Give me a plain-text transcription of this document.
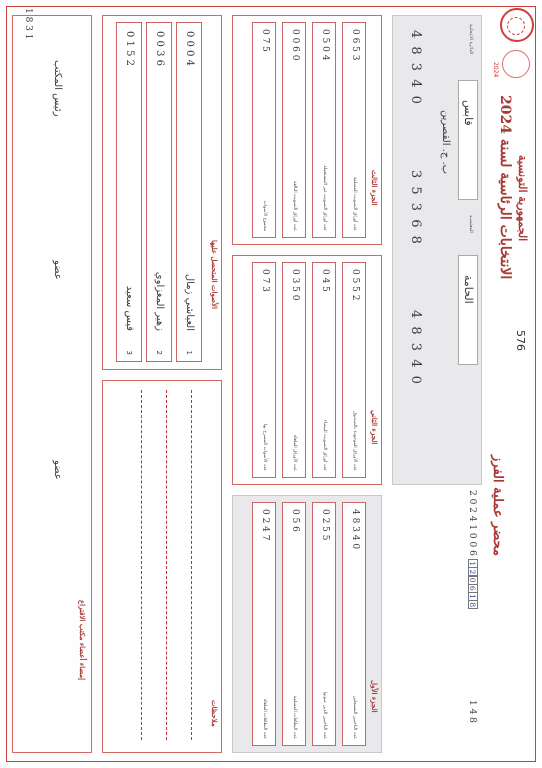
الجمهورية التونسية
الانتخابات الرئاسية لسنة 2024
576
محضر عملية الفرز
2024
الدائرة الانتخابية
قابس
المعتمدية
الحامة
ب. ج. القصرين
2 0 2 4 1 0 0 6
1
2
0
6
1
8
1 4 8
1 8 3 1
4 8 3 4 0
3 5 3 6 8
4 8 3 4 0
الجزء الثالث
عدد أوراق التصويت المسلمة
0 6 5 3
عدد أوراق التصويت غير المستعملة
0 5 0 4
عدد أوراق التصويت التالفة
0 0 6 0
مجموع الأصوات
0 7 5
الجزء الثاني
عدد الأوراق الموجودة بالصندوق
0 5 5 2
عدد أوراق التصويت البيضاء
0 4 5
عدد الأوراق الملغاة
0 3 5 0
عدد الأصوات المصرح بها
0 7 3
الجزء الأول
عدد الناخبين المسجلين
4 8 3 4 0
عدد الناخبين الذين صوتوا
0 2 5 5
عدد البطاقات المسلمة
0 5 6
عدد البطاقات الملغاة
0 2 4 7
الأصوات المتحصل عليها
1
العياشي زمال
0 0 0 4
2
زهير المغزاوي
0 0 3 6
3
قيس سعيد
0 1 5 2
ملاحظات
إمضاء أعضاء مكتب الاقتراع
رئيس المكتب
عضو
عضو
